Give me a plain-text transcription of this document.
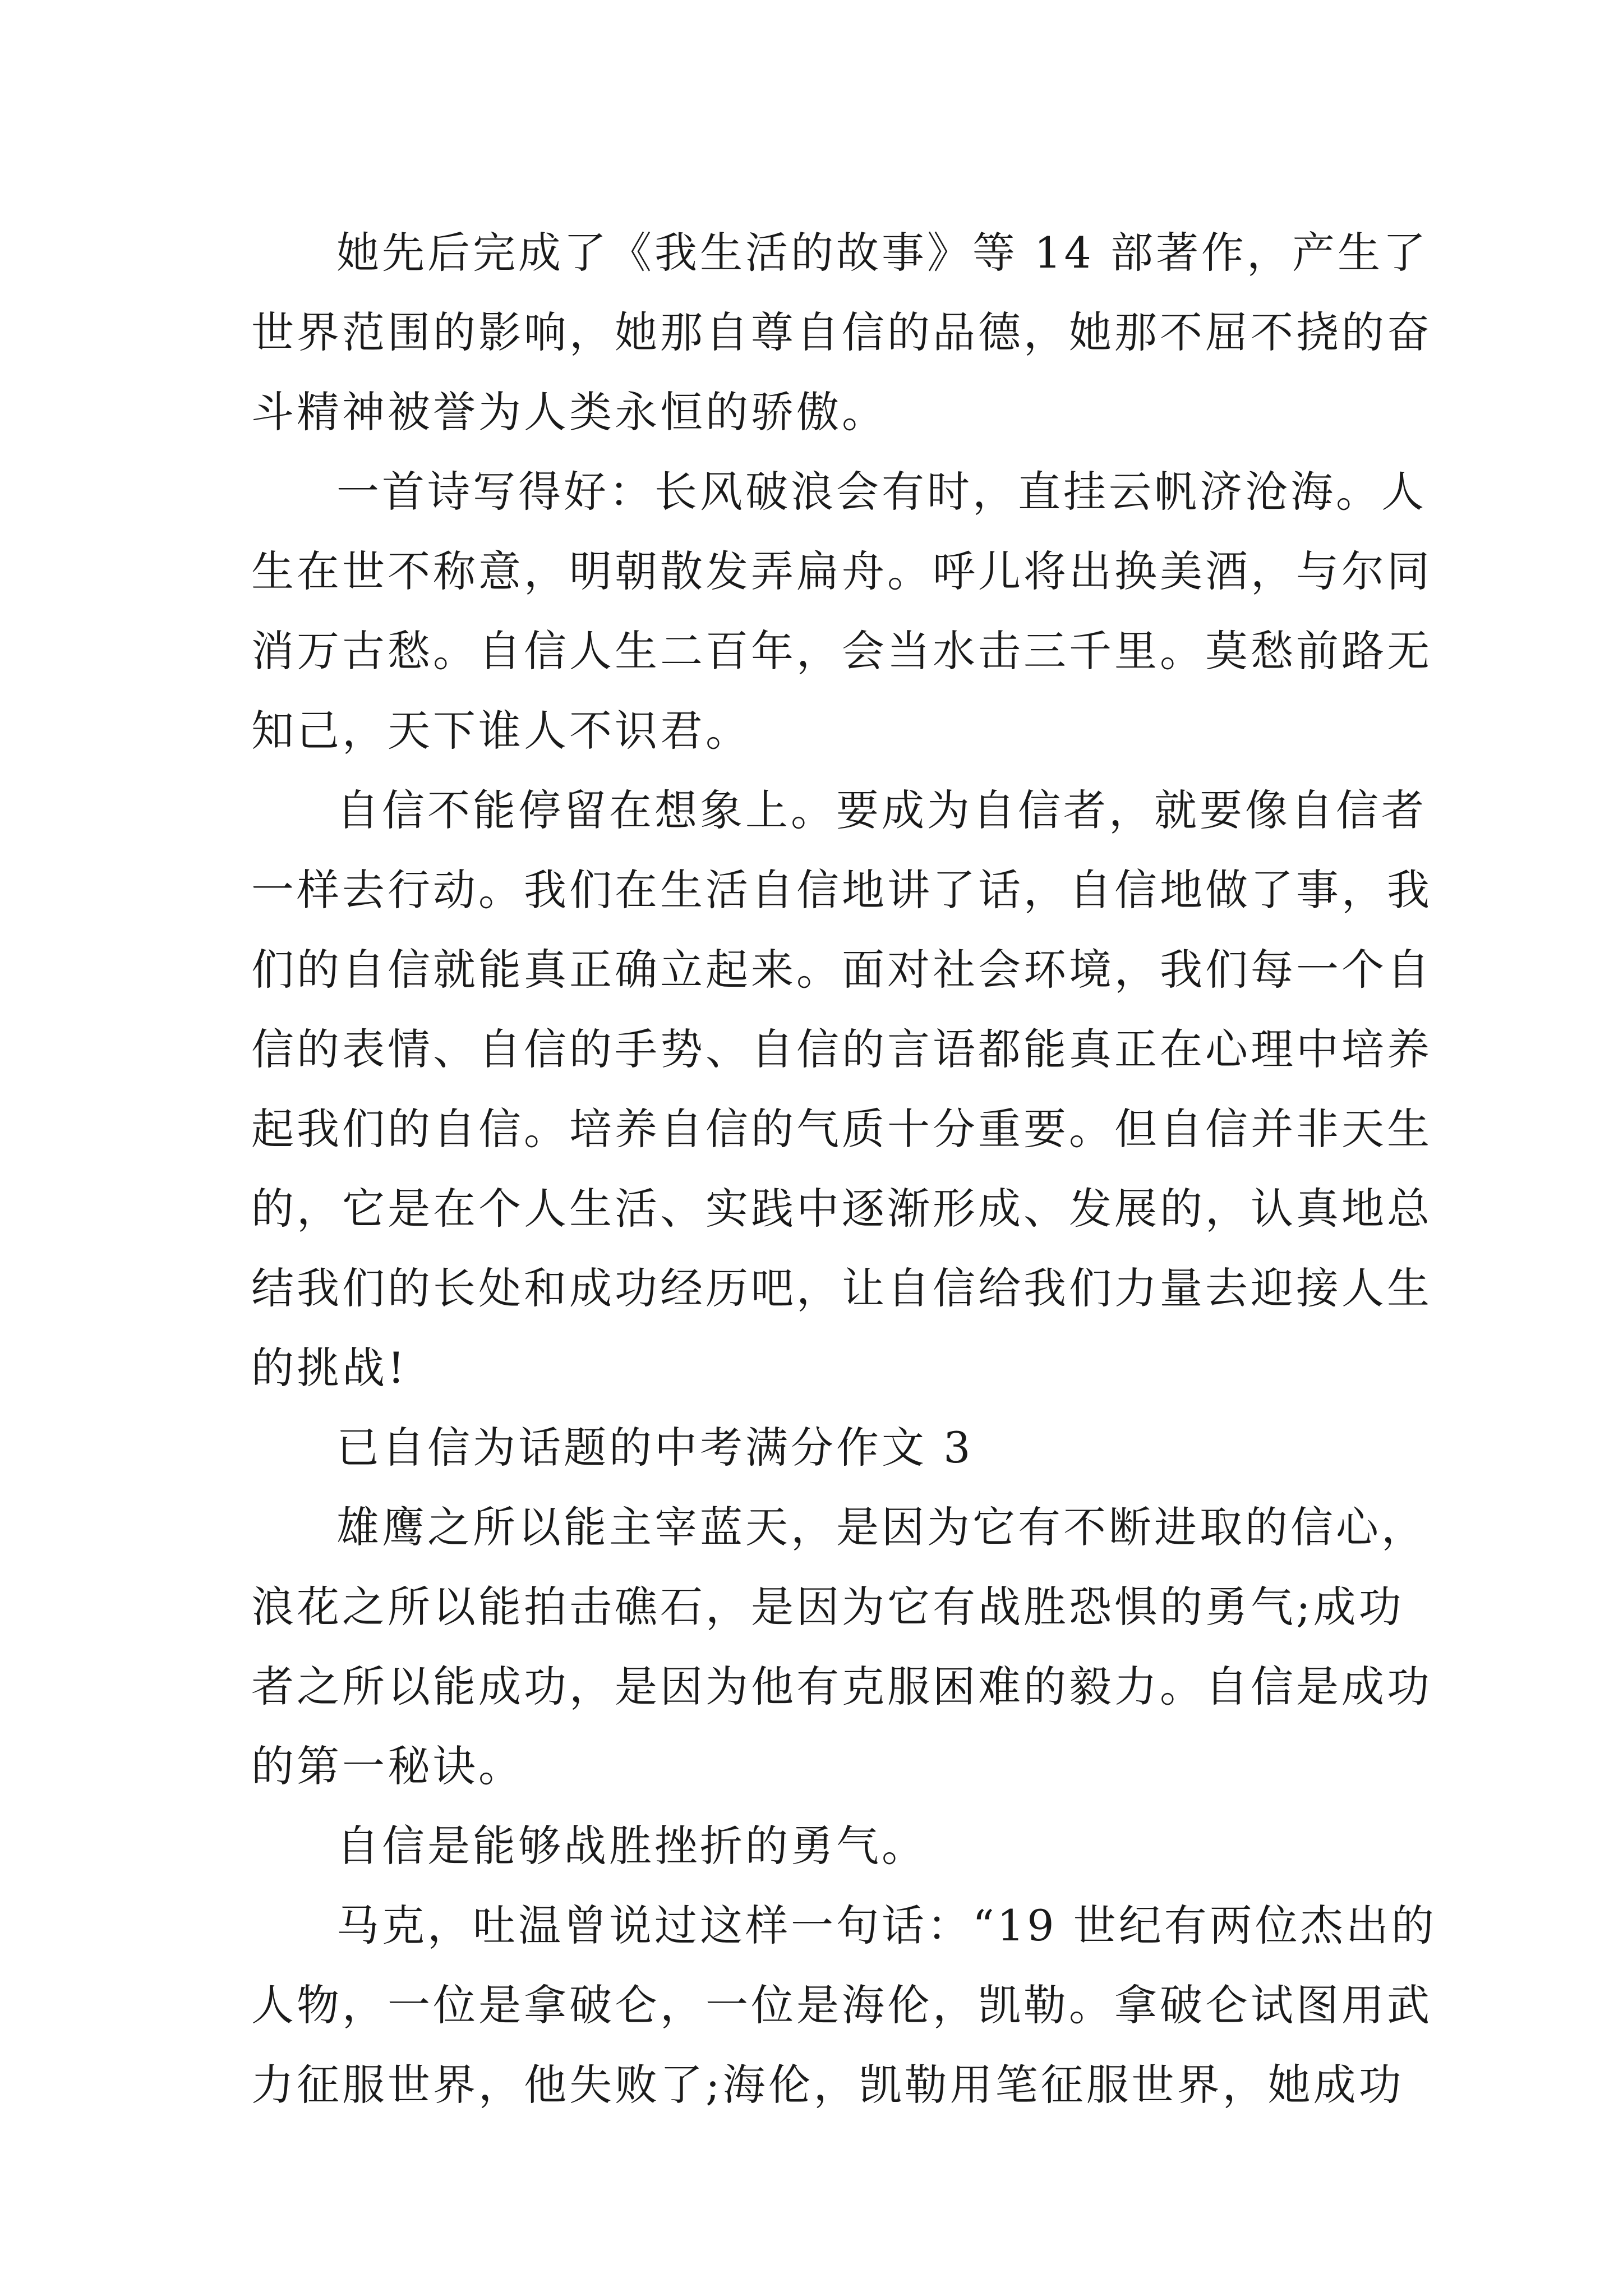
她先后完成了《我生活的故事》等 14 部著作，产生了
世界范围的影响，她那自尊自信的品德，她那不屈不挠的奋
斗精神被誉为人类永恒的骄傲。

一首诗写得好：长风破浪会有时，直挂云帆济沧海。人
生在世不称意，明朝散发弄扁舟。呼儿将出换美酒，与尔同
消万古愁。自信人生二百年，会当水击三千里。莫愁前路无
知己，天下谁人不识君。

自信不能停留在想象上。要成为自信者，就要像自信者
一样去行动。我们在生活自信地讲了话，自信地做了事，我
们的自信就能真正确立起来。面对社会环境，我们每一个自
信的表情、自信的手势、自信的言语都能真正在心理中培养
起我们的自信。培养自信的气质十分重要。但自信并非天生
的，它是在个人生活、实践中逐渐形成、发展的，认真地总
结我们的长处和成功经历吧，让自信给我们力量去迎接人生
的挑战!

已自信为话题的中考满分作文 3

雄鹰之所以能主宰蓝天，是因为它有不断进取的信心，
浪花之所以能拍击礁石，是因为它有战胜恐惧的勇气;成功
者之所以能成功，是因为他有克服困难的毅力。自信是成功
的第一秘诀。

自信是能够战胜挫折的勇气。

马克，吐温曾说过这样一句话：“19 世纪有两位杰出的
人物，一位是拿破仑，一位是海伦，凯勒。拿破仑试图用武
力征服世界，他失败了;海伦，凯勒用笔征服世界，她成功
